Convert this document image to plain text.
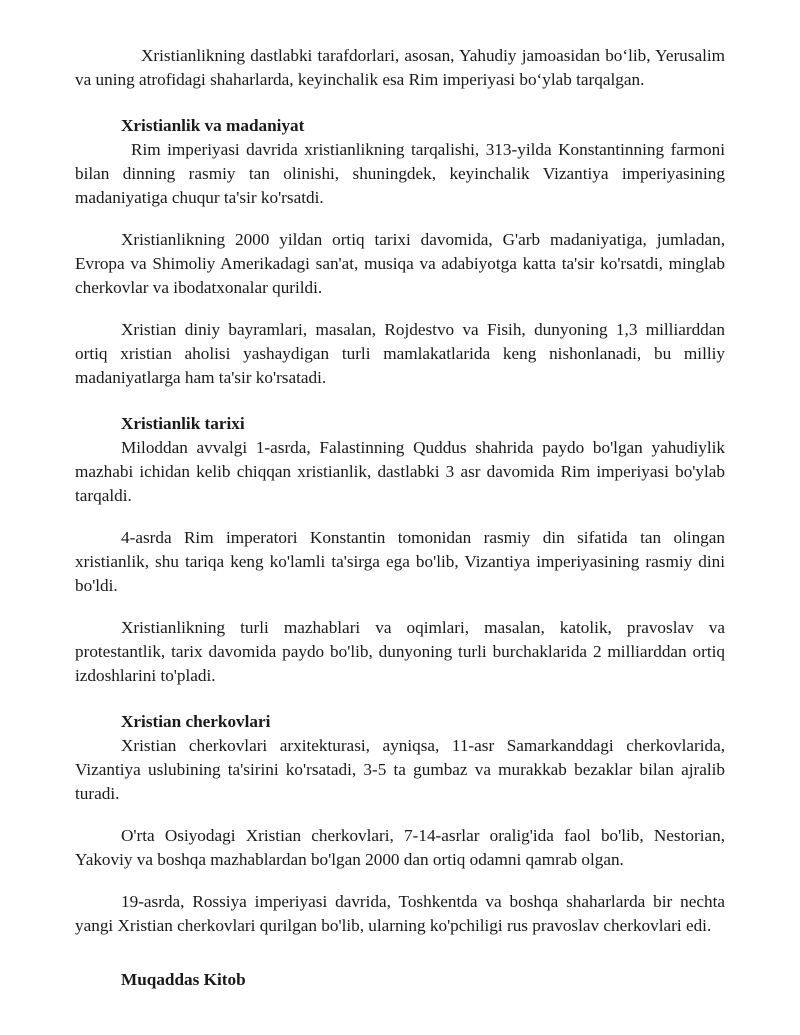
Xristianlikning dastlabki tarafdorlari, asosan, Yahudiy jamoasidan bo‘lib, Yerusalim va uning atrofidagi shaharlarda, keyinchalik esa Rim imperiyasi bo‘ylab tarqalgan.

Xristianlik va madaniyat

Rim imperiyasi davrida xristianlikning tarqalishi, 313-yilda Konstantinning farmoni bilan dinning rasmiy tan olinishi, shuningdek, keyinchalik Vizantiya imperiyasining madaniyatiga chuqur ta'sir ko'rsatdi.

Xristianlikning 2000 yildan ortiq tarixi davomida, G'arb madaniyatiga, jumladan, Evropa va Shimoliy Amerikadagi san'at, musiqa va adabiyotga katta ta'sir ko'rsatdi, minglab cherkovlar va ibodatxonalar qurildi.

Xristian diniy bayramlari, masalan, Rojdestvo va Fisih, dunyoning 1,3 milliarddan ortiq xristian aholisi yashaydigan turli mamlakatlarida keng nishonlanadi, bu milliy madaniyatlarga ham ta'sir ko'rsatadi.

Xristianlik tarixi

Miloddan avvalgi 1-asrda, Falastinning Quddus shahrida paydo bo'lgan yahudiylik mazhabi ichidan kelib chiqqan xristianlik, dastlabki 3 asr davomida Rim imperiyasi bo'ylab tarqaldi.

4-asrda Rim imperatori Konstantin tomonidan rasmiy din sifatida tan olingan xristianlik, shu tariqa keng ko'lamli ta'sirga ega bo'lib, Vizantiya imperiyasining rasmiy dini bo'ldi.

Xristianlikning turli mazhablari va oqimlari, masalan, katolik, pravoslav va protestantlik, tarix davomida paydo bo'lib, dunyoning turli burchaklarida 2 milliarddan ortiq izdoshlarini to'pladi.

Xristian cherkovlari

Xristian cherkovlari arxitekturasi, ayniqsa, 11-asr Samarkanddagi cherkovlarida, Vizantiya uslubining ta'sirini ko'rsatadi, 3-5 ta gumbaz va murakkab bezaklar bilan ajralib turadi.

O'rta Osiyodagi Xristian cherkovlari, 7-14-asrlar oralig'ida faol bo'lib, Nestorian, Yakoviy va boshqa mazhablardan bo'lgan 2000 dan ortiq odamni qamrab olgan.

19-asrda, Rossiya imperiyasi davrida, Toshkentda va boshqa shaharlarda bir nechta yangi Xristian cherkovlari qurilgan bo'lib, ularning ko'pchiligi rus pravoslav cherkovlari edi.

Muqaddas Kitob
